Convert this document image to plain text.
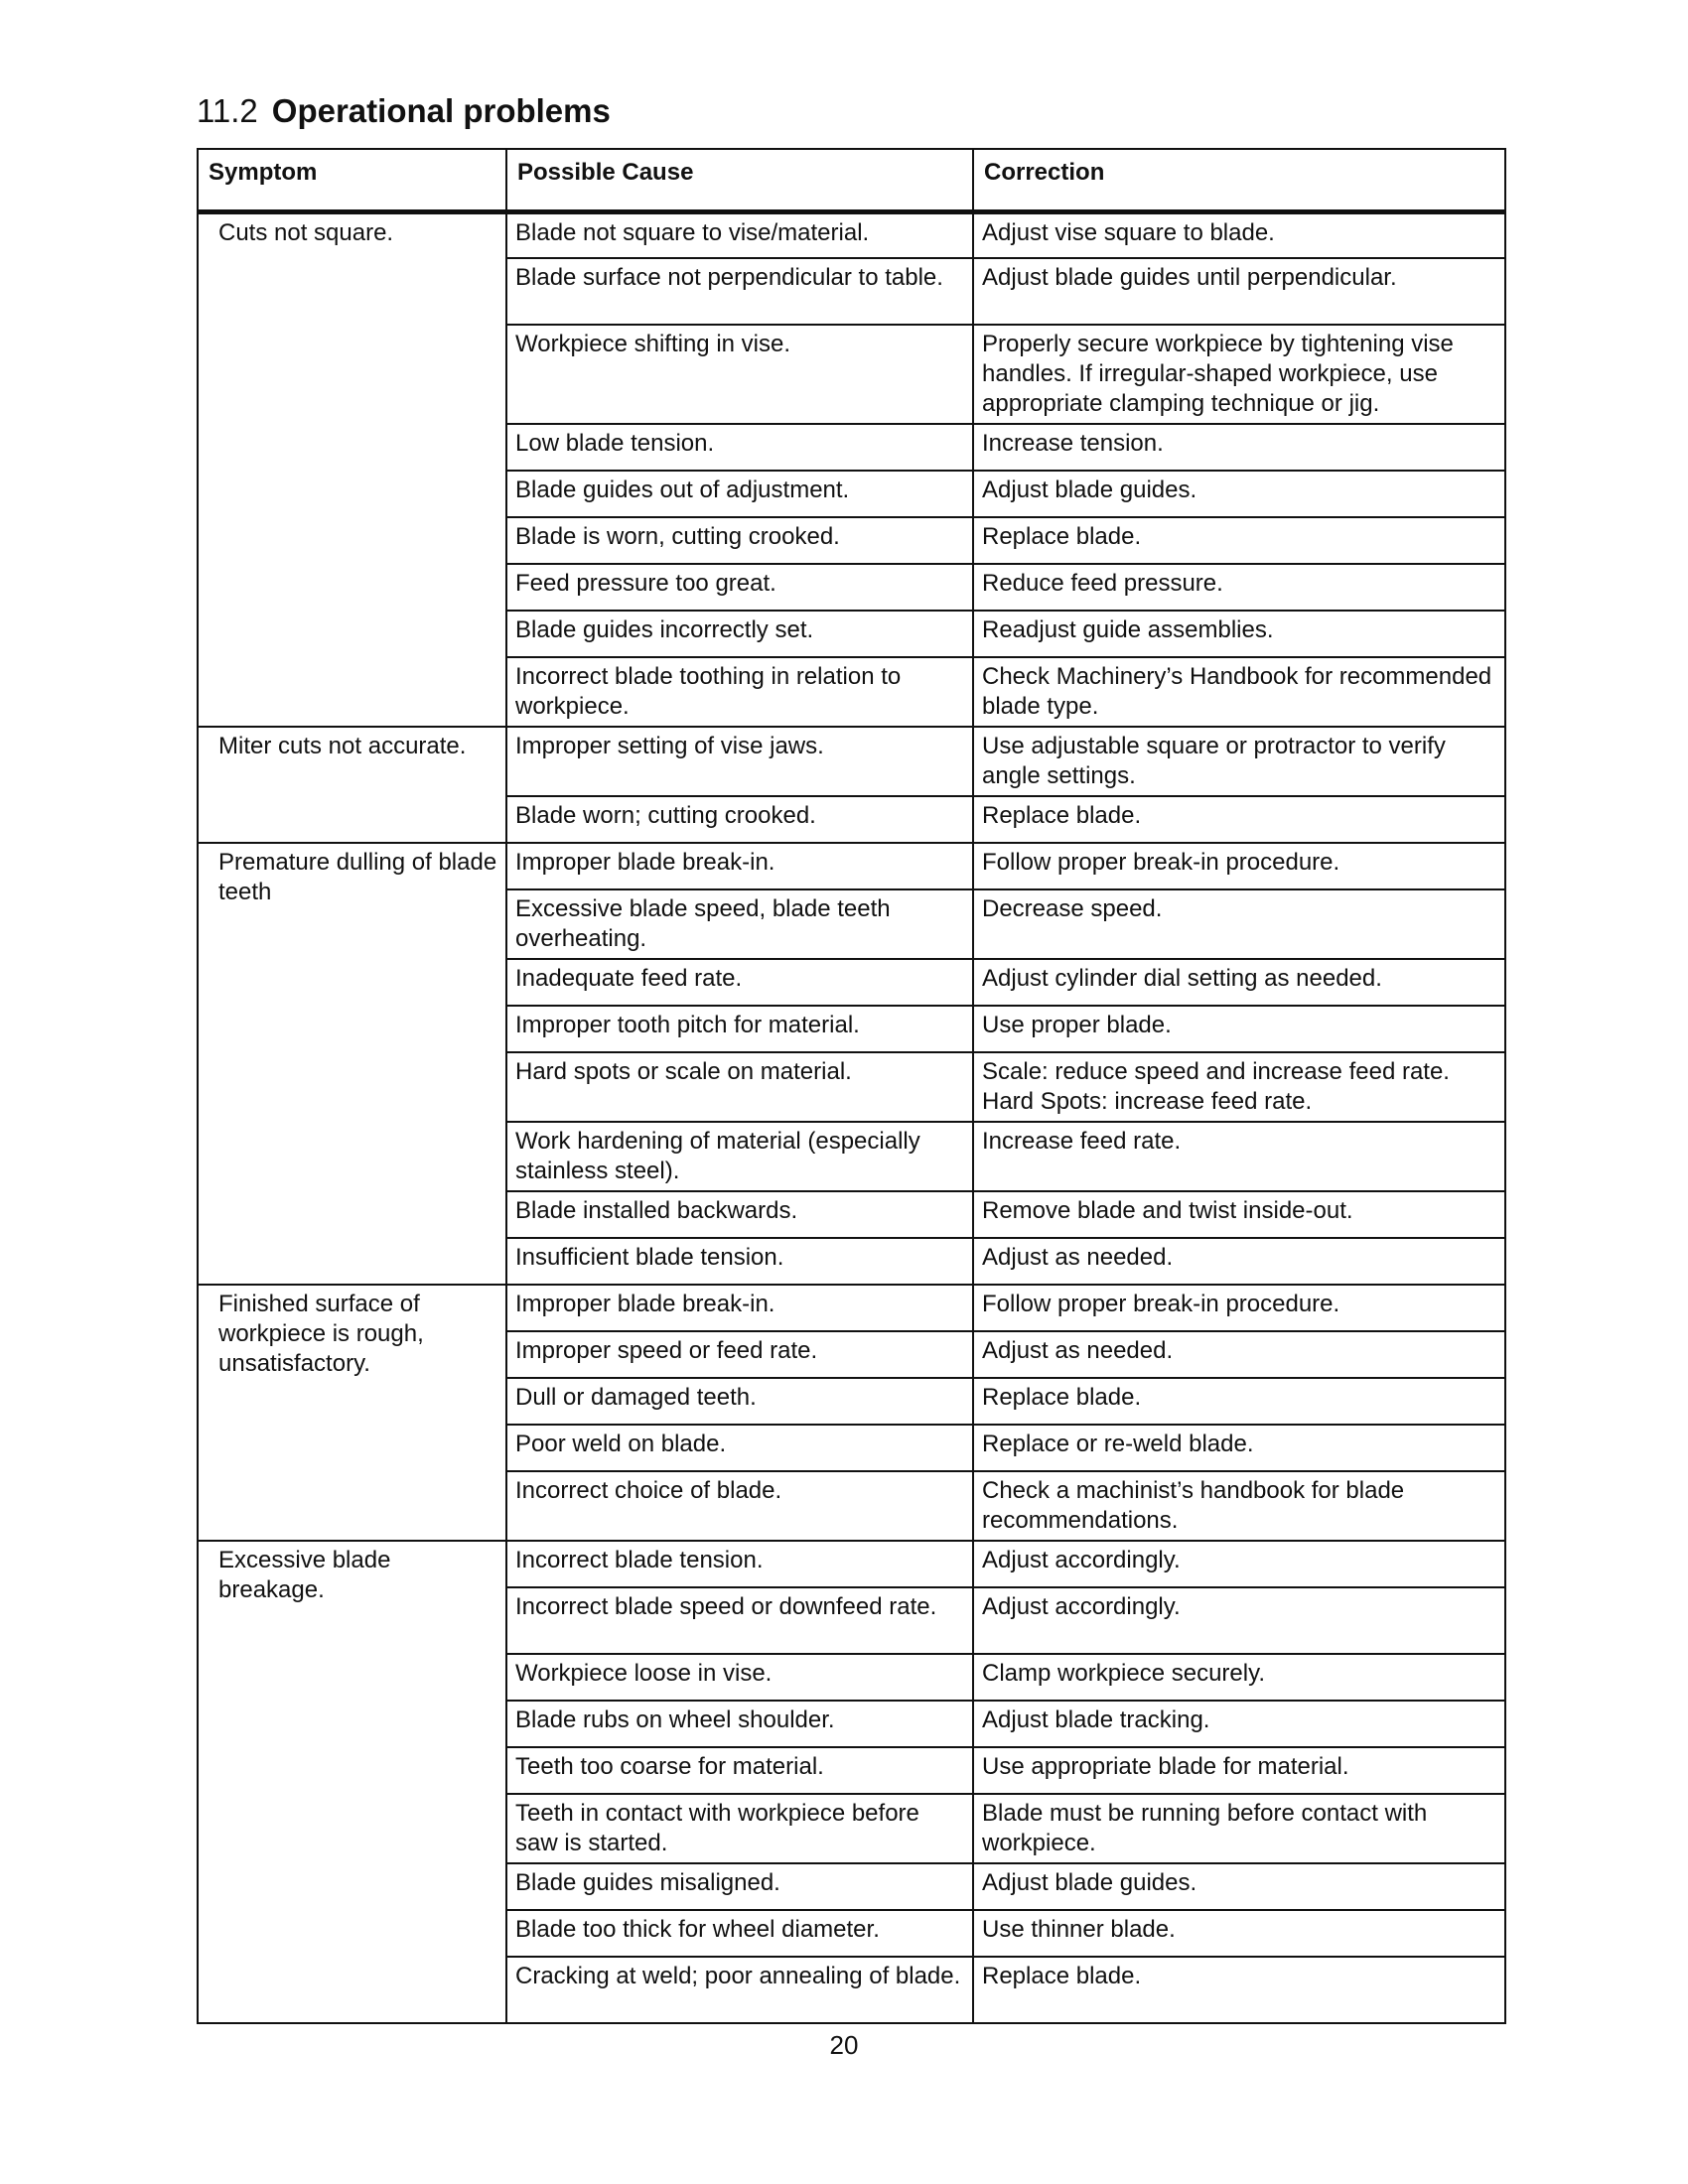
11.2 Operational problems
Symptom	Possible Cause	Correction
Cuts not square.	Blade not square to vise/material.	Adjust vise square to blade.
	Blade surface not perpendicular to table.	Adjust blade guides until perpendicular.
	Workpiece shifting in vise.	Properly secure workpiece by tightening vise handles. If irregular-shaped workpiece, use appropriate clamping technique or jig.
	Low blade tension.	Increase tension.
	Blade guides out of adjustment.	Adjust blade guides.
	Blade is worn, cutting crooked.	Replace blade.
	Feed pressure too great.	Reduce feed pressure.
	Blade guides incorrectly set.	Readjust guide assemblies.
	Incorrect blade toothing in relation to workpiece.	Check Machinery’s Handbook for recommended blade type.
Miter cuts not accurate.	Improper setting of vise jaws.	Use adjustable square or protractor to verify angle settings.
	Blade worn; cutting crooked.	Replace blade.
Premature dulling of blade teeth	Improper blade break-in.	Follow proper break-in procedure.
	Excessive blade speed, blade teeth overheating.	Decrease speed.
	Inadequate feed rate.	Adjust cylinder dial setting as needed.
	Improper tooth pitch for material.	Use proper blade.
	Hard spots or scale on material.	Scale: reduce speed and increase feed rate. Hard Spots: increase feed rate.
	Work hardening of material (especially stainless steel).	Increase feed rate.
	Blade installed backwards.	Remove blade and twist inside-out.
	Insufficient blade tension.	Adjust as needed.
Finished surface of workpiece is rough, unsatisfactory.	Improper blade break-in.	Follow proper break-in procedure.
	Improper speed or feed rate.	Adjust as needed.
	Dull or damaged teeth.	Replace blade.
	Poor weld on blade.	Replace or re-weld blade.
	Incorrect choice of blade.	Check a machinist’s handbook for blade recommendations.
Excessive blade breakage.	Incorrect blade tension.	Adjust accordingly.
	Incorrect blade speed or downfeed rate.	Adjust accordingly.
	Workpiece loose in vise.	Clamp workpiece securely.
	Blade rubs on wheel shoulder.	Adjust blade tracking.
	Teeth too coarse for material.	Use appropriate blade for material.
	Teeth in contact with workpiece before saw is started.	Blade must be running before contact with workpiece.
	Blade guides misaligned.	Adjust blade guides.
	Blade too thick for wheel diameter.	Use thinner blade.
	Cracking at weld; poor annealing of blade.	Replace blade.
20
